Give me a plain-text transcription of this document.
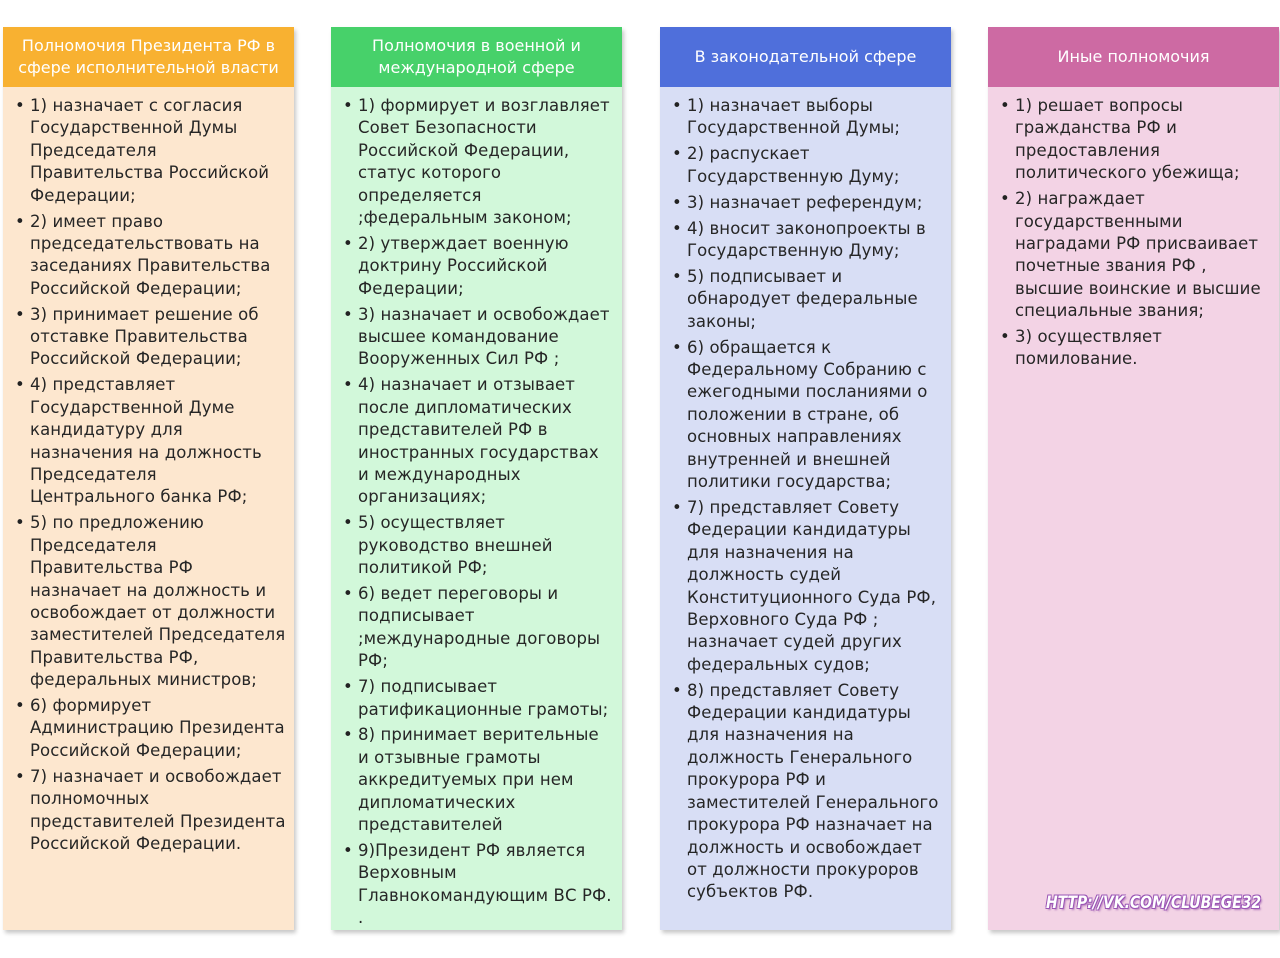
Полномочия Президента РФ в сфере исполнительной власти
• 1) назначает с согласия Государственной Думы Председателя Правительства Российской Федерации;
• 2) имеет право председательствовать на заседаниях Правительства Российской Федерации;
• 3) принимает решение об отставке Правительства Российской Федерации;
• 4) представляет Государственной Думе кандидатуру для назначения на должность Председателя Центрального банка РФ;
• 5) по предложению Председателя Правительства РФ назначает на должность и освобождает от должности заместителей Председателя Правительства РФ, федеральных министров;
• 6) формирует Администрацию Президента Российской Федерации;
• 7) назначает и освобождает полномочных представителей Президента Российской Федерации.
Полномочия в военной и международной сфере
• 1) формирует и возглавляет Совет Безопасности Российской Федерации, статус которого определяется ;федеральным законом;
• 2) утверждает военную доктрину Российской Федерации;
• 3) назначает и освобождает высшее командование Вооруженных Сил РФ ;
• 4) назначает и отзывает после дипломатических представителей РФ в иностранных государствах и международных организациях;
• 5) осуществляет руководство внешней политикой РФ;
• 6) ведет переговоры и подписывает ;международные договоры РФ;
• 7) подписывает ратификационные грамоты;
• 8) принимает верительные и отзывные грамоты аккредитуемых при нем дипломатических представителей
• 9)Президент РФ является Верховным Главнокомандующим ВС РФ. .
В законодательной сфере
• 1) назначает выборы Государственной Думы;
• 2) распускает Государственную Думу;
• 3) назначает референдум;
• 4) вносит законопроекты в Государственную Думу;
• 5) подписывает и обнародует федеральные законы;
• 6) обращается к Федеральному Собранию с ежегодными посланиями о положении в стране, об основных направлениях внутренней и внешней политики государства;
• 7) представляет Совету Федерации кандидатуры для назначения на должность судей Конституционного Суда РФ, Верховного Суда РФ ; назначает судей других федеральных судов;
• 8) представляет Совету Федерации кандидатуры для назначения на должность Генерального прокурора РФ и заместителей Генерального прокурора РФ назначает на должность и освобождает от должности прокуроров субъектов РФ.
Иные полномочия
• 1) решает вопросы гражданства РФ и предоставления политического убежища;
• 2) награждает государственными наградами РФ присваивает почетные звания РФ , высшие воинские и высшие специальные звания;
• 3) осуществляет помилование.
HTTP://VK.COM/CLUBEGE32
